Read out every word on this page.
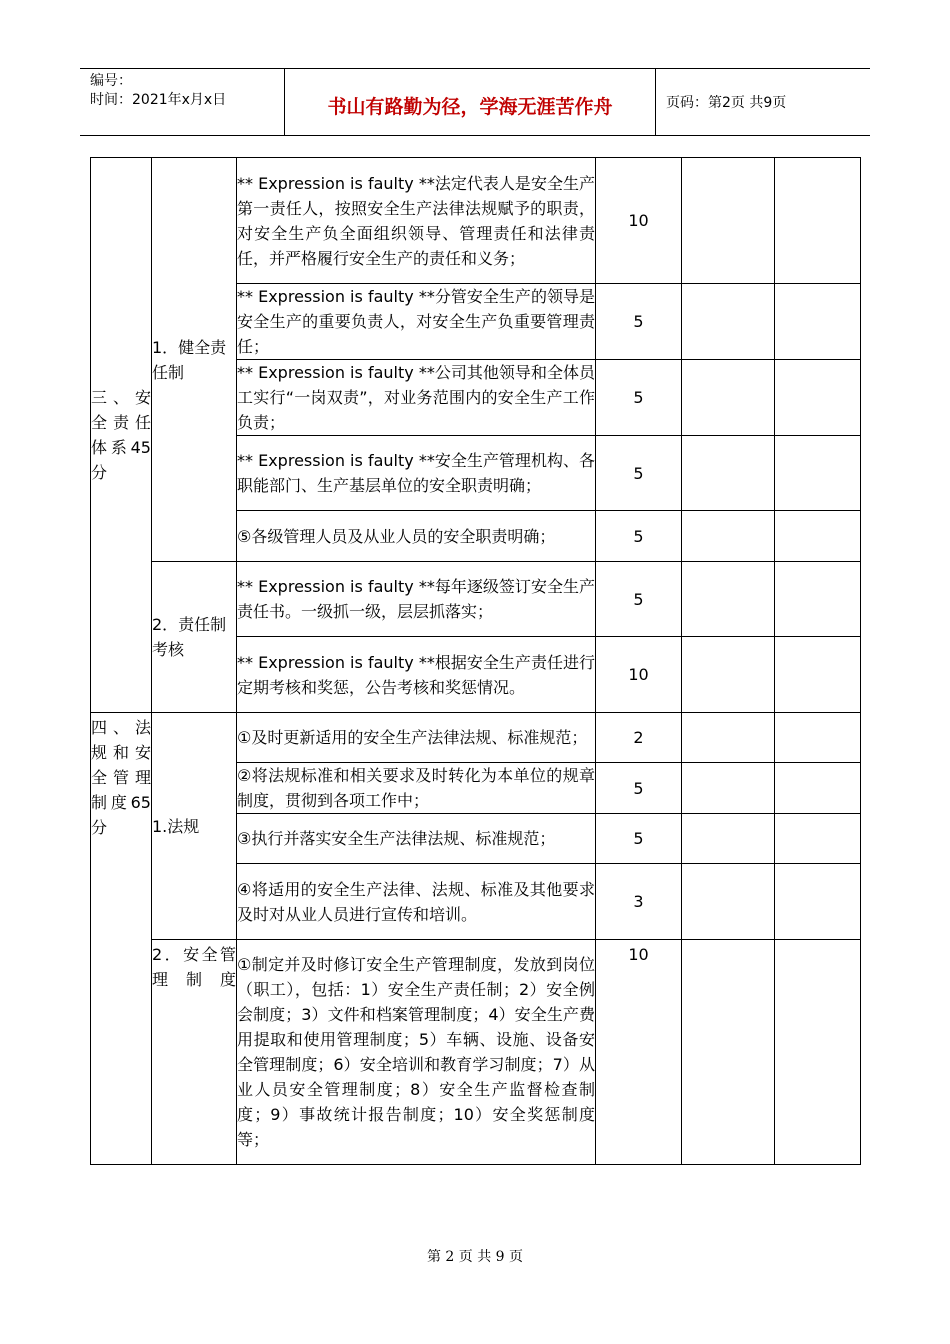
编号：
时间：2021年x月x日	书山有路勤为径，学海无涯苦作舟	页码：第2页 共9页
三、安全责任体系45分	1．健全责任制	** Expression is faulty **法定代表人是安全生产第一责任人，按照安全生产法律法规赋予的职责，对安全生产负全面组织领导、管理责任和法律责任，并严格履行安全生产的责任和义务；	10		
		** Expression is faulty **分管安全生产的领导是安全生产的重要负责人，对安全生产负重要管理责任；	5		
		** Expression is faulty **公司其他领导和全体员工实行“一岗双责”，对业务范围内的安全生产工作负责；	5		
		** Expression is faulty **安全生产管理机构、各职能部门、生产基层单位的安全职责明确；	5		
		⑤各级管理人员及从业人员的安全职责明确；	5		
	2．责任制考核	** Expression is faulty **每年逐级签订安全生产责任书。一级抓一级，层层抓落实；	5		
		** Expression is faulty **根据安全生产责任进行定期考核和奖惩，公告考核和奖惩情况。	10		
四、法规和安全管理制度65分	1.法规	①及时更新适用的安全生产法律法规、标准规范；	2		
		②将法规标准和相关要求及时转化为本单位的规章制度，贯彻到各项工作中；	5		
		③执行并落实安全生产法律法规、标准规范；	5		
		④将适用的安全生产法律、法规、标准及其他要求及时对从业人员进行宣传和培训。	3		
	2．安全管理制度	①制定并及时修订安全生产管理制度，发放到岗位（职工），包括：1）安全生产责任制；2）安全例会制度；3）文件和档案管理制度；4）安全生产费用提取和使用管理制度；5）车辆、设施、设备安全管理制度；6）安全培训和教育学习制度；7）从业人员安全管理制度；8）安全生产监督检查制度；9）事故统计报告制度；10）安全奖惩制度等；	10		
第 2 页 共 9 页
